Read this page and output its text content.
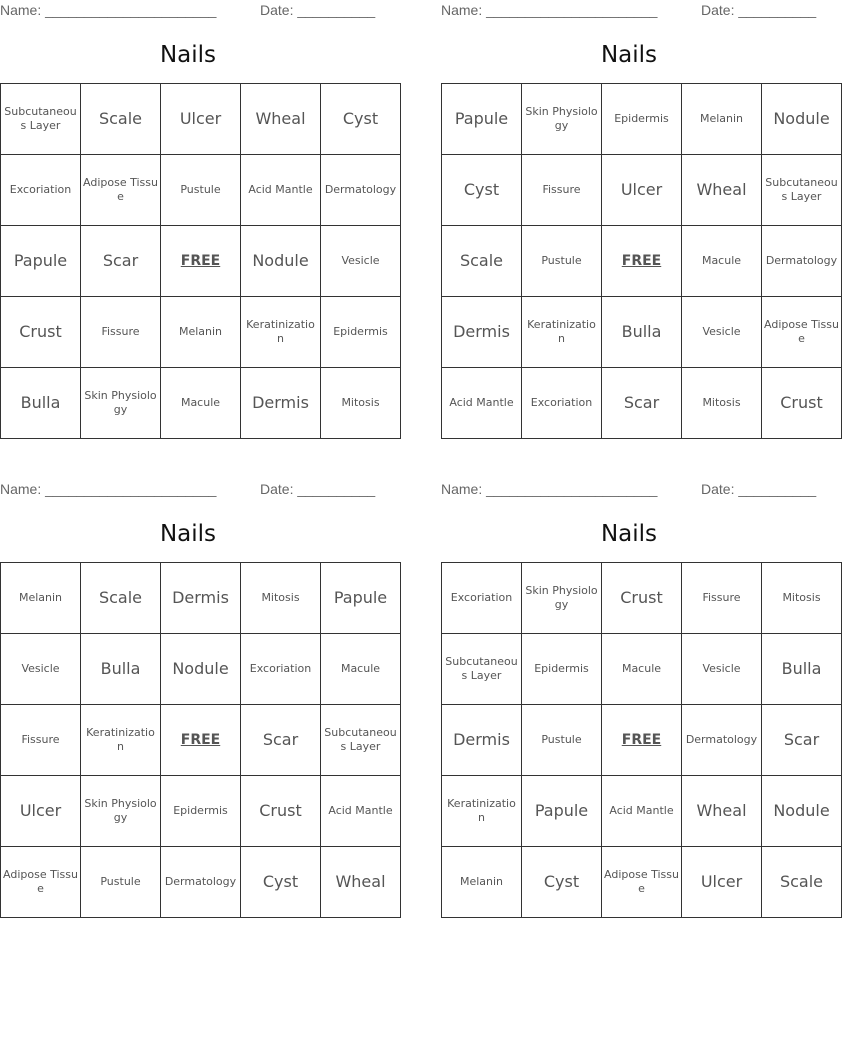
Name: ______________________	Date: __________
Nails
Subcutaneous Layer	Scale	Ulcer	Wheal	Cyst
Excoriation	Adipose Tissue	Pustule	Acid Mantle	Dermatology
Papule	Scar	FREE	Nodule	Vesicle
Crust	Fissure	Melanin	Keratinization	Epidermis
Bulla	Skin Physiology	Macule	Dermis	Mitosis
Name: ______________________	Date: __________
Nails
Papule	Skin Physiology	Epidermis	Melanin	Nodule
Cyst	Fissure	Ulcer	Wheal	Subcutaneous Layer
Scale	Pustule	FREE	Macule	Dermatology
Dermis	Keratinization	Bulla	Vesicle	Adipose Tissue
Acid Mantle	Excoriation	Scar	Mitosis	Crust
Name: ______________________	Date: __________
Nails
Melanin	Scale	Dermis	Mitosis	Papule
Vesicle	Bulla	Nodule	Excoriation	Macule
Fissure	Keratinization	FREE	Scar	Subcutaneous Layer
Ulcer	Skin Physiology	Epidermis	Crust	Acid Mantle
Adipose Tissue	Pustule	Dermatology	Cyst	Wheal
Name: ______________________	Date: __________
Nails
Excoriation	Skin Physiology	Crust	Fissure	Mitosis
Subcutaneous Layer	Epidermis	Macule	Vesicle	Bulla
Dermis	Pustule	FREE	Dermatology	Scar
Keratinization	Papule	Acid Mantle	Wheal	Nodule
Melanin	Cyst	Adipose Tissue	Ulcer	Scale
